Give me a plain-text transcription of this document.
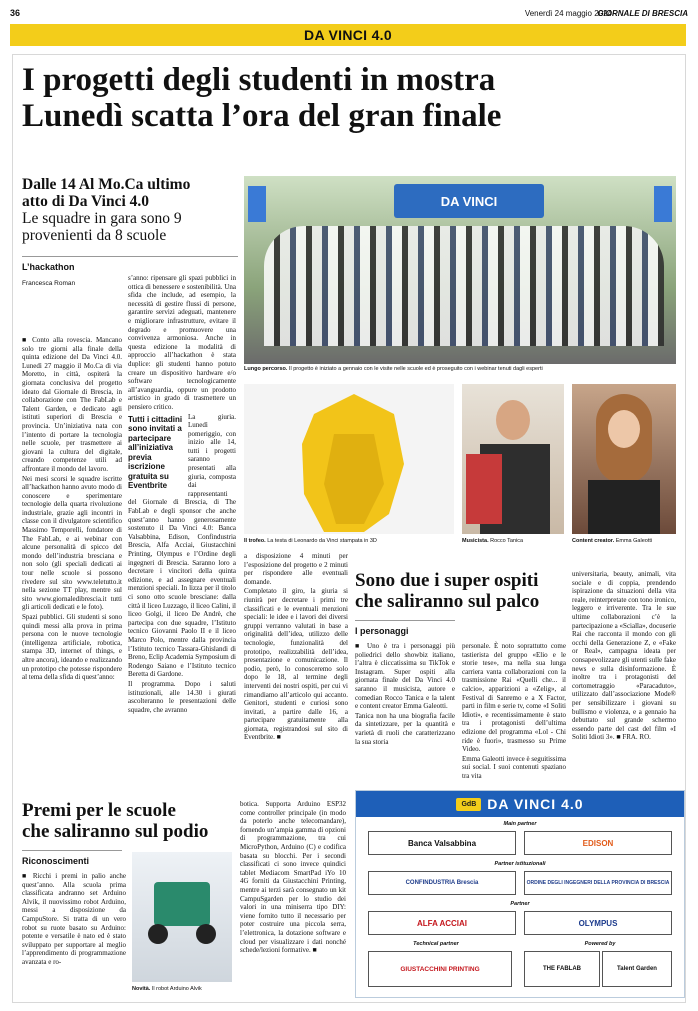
36	Venerdì 24 maggio 2024
GIORNALE DI BRESCIA
DA VINCI 4.0
I progetti degli studenti in mostra
Lunedì scatta l’ora del gran finale
Dalle 14 Al Mo.Ca ultimo
atto di Da Vinci 4.0
Le squadre in gara sono 9
provenienti da 8 scuole
L’hackathon
Francesca Roman

■ Conto alla rovescia. Mancano solo tre giorni alla finale della quinta edizione del Da Vinci 4.0. Lunedì 27 maggio il Mo.Ca di via Moretto, in città, ospiterà la giornata conclusiva del progetto ideato dal Giornale di Brescia, in collaborazione con The FabLab e Talent Garden, e dedicato agli istituti superiori di Brescia e provincia. Un’iniziativa nata con l’intento di portare la tecnologia nelle scuole, per trasmettere ai giovani la cultura del digitale, creando competenze utili ad affrontare il mondo del lavoro.

Nei mesi scorsi le squadre iscritte all’hackathon hanno avuto modo di conoscere e sperimentare tecnologie della quarta rivoluzione industriale, grazie agli incontri in classe con il divulgatore scientifico Massimo Temporelli, fondatore di The FabLab, e ai webinar con alcune personalità di spicco del mondo dell’industria bresciana e non solo (gli speciali dedicati ai tour nelle scuole si possono rivedere sul sito www.teletutto.it nella sezione TT play, mentre sul sito www.giornaledibrescia.it tutti gli articoli dedicati e le foto).

Spazi pubblici. Gli studenti si sono quindi messi alla prova in prima persona con le nuove tecnologie (intelligenza artificiale, robotica, stampa 3D, internet of things, e altre ancora), ideando e realizzando un prototipo che potesse rispondere al tema della sfida di quest’anno:

s’anno: ripensare gli spazi pubblici in ottica di benessere e sostenibilità. Una sfida che include, ad esempio, la necessità di gestire flussi di persone, garantire servizi adeguati, mantenere e migliorare infrastrutture, evitare il degrado e promuovere una convivenza armoniosa. Anche in questa edizione la modalità di approccio all’hackathon è stata duplice: gli studenti hanno potuto creare un dispositivo hardware e/o software tecnologicamente all’avanguardia, oppure un prodotto artistico in grado di trasmettere un pensiero critico.

Tutti i cittadini sono invitati a partecipare all’iniziativa previa iscrizione gratuita su Eventbrite

La giuria. Lunedì pomeriggio, con inizio alle 14, tutti i progetti saranno presentati alla giuria, composta dai rappresentanti del Giornale di Brescia, di The FabLab e degli sponsor che anche quest’anno hanno generosamente sostenuto il Da Vinci 4.0: Banca Valsabbina, Edison, Confindustria Brescia, Alfa Acciai, Giustacchini Printing, Olympus e l’Ordine degli ingegneri di Brescia. Saranno loro a decretare i vincitori della quinta edizione, e ad assegnare eventuali menzioni speciali. In lizza per il titolo ci sono otto scuole bresciane: dalla città il liceo Luzzago, il liceo Calini, il liceo Golgi, il liceo De Andrè, che partecipa con due squadre, l’Istituto tecnico Giovanni Paolo II e il liceo Marco Polo, mentre dalla provincia l’Istituto tecnico Tassara-Ghislandi di Breno, Eclip Academia Symposium di Rodengo Saiano e l’Istituto tecnico Beretta di Gardone.

Il programma. Dopo i saluti istituzionali, alle 14.30 i giurati ascolteranno le presentazioni delle squadre, che avranno

a disposizione 4 minuti per l’esposizione del progetto e 2 minuti per rispondere alle eventuali domande.

Completato il giro, la giuria si riunirà per decretare i primi tre classificati e le eventuali menzioni speciali: le idee e i lavori dei diversi gruppi verranno valutati in base a originalità dell’idea, utilizzo delle tecnologie, funzionalità del prototipo, realizzabilità dell’idea, presentazione e comunicazione. Il podio, però, lo conosceremo solo dopo le 18, al termine degli interventi dei nostri ospiti, per cui vi rimandiamo all’articolo qui accanto. Genitori, studenti e curiosi sono invitati, a partire dalle 16, a partecipare gratuitamente alla giornata, registrandosi sul sito di Eventbrite. ■

DA VINCI
Lungo percorso. Il progetto è iniziato a gennaio con le visite nelle scuole ed è proseguito con i webinar tenuti dagli esperti
Il trofeo. La testa di Leonardo da Vinci stampata in 3D	Musicista. Rocco Tanica	Content creator. Emma Galeotti
Sono due i super ospiti
che saliranno sul palco
I personaggi

■ Uno è tra i personaggi più poliedrici dello showbiz italiano, l’altra è cliccatissima su TikTok e Instagram. Super ospiti alla giornata finale del Da Vinci 4.0 saranno il musicista, autore e comedian Rocco Tanica e la talent e content creator Emma Galeotti.

Tanica non ha una biografia facile da sintetizzare, per la quantità e varietà di ruoli che caratterizzano la sua storia

personale. È noto soprattutto come tastierista del gruppo «Elio e le storie tese», ma nella sua lunga carriera vanta collaborazioni con la trasmissione Rai «Quelli che... il calcio», apparizioni a «Zelig», al Festival di Sanremo e a X Factor, parti in film e serie tv, come «I Soliti Idioti», e recentissimamente è stato tra i protagonisti dell’ultima edizione del programma «Lol - Chi ride è fuori», trasmesso su Prime Video.

Emma Galeotti invece è seguitissima sui social. I suoi contenuti spaziano tra vita

universitaria, beauty, animali, vita sociale e di coppia, prendendo ispirazione da situazioni della vita reale, reinterpretate con tono ironico, leggero e irriverente. Tra le sue ultime collaborazioni c’è la partecipazione a «Scialla», docuserie Rai che racconta il mondo con gli occhi della Generazione Z, e «Fake or Real», campagna ideata per consapevolizzare gli utenti sulle fake news e sulla disinformazione. È inoltre tra i protagonisti del cortometraggio «Paracaduto», utilizzato dall’associazione Mode® per sensibilizzare i giovani su bullismo e violenza, e a gennaio ha debuttato sul grande schermo essendo parte del cast del film «I Soliti Idioti 3». ■ FRA. RO.

Premi per le scuole
che saliranno sul podio
Riconoscimenti

■ Ricchi i premi in palio anche quest’anno. Alla scuola prima classificata andranno set Arduino Alvik, il nuovissimo robot Arduino, messi a disposizione da CampuStore. Si tratta di un vero robot su ruote basato su Arduino: potente e versatile è nato ed è stato sviluppato per supportare al meglio l’apprendimento di programmazione avanzata e ro-

Novità. Il robot Arduino Alvik

botica. Supporta Arduino ESP32 come controller principale (in modo da poterlo anche telecomandare), fornendo un’ampia gamma di opzioni di programmazione, tra cui MicroPython, Arduino (C) e codifica basata su blocchi. Per i secondi classificati ci sono invece quindici tablet Mediacom SmartPad iYo 10 4G forniti da Giustacchini Printing, mentre ai terzi sarà consegnato un kit CampuSgarden per lo studio dei valori in una miniserra tipo DIY: viene fornito tutto il necessario per poter costruire una piccola serra, l’elettronica, la dotazione software e cloud per visualizzare i dati nonché schede/lezioni formative. ■

GdB DA VINCI 4.0
Main partner
Banca Valsabbina	EDISON
Partner istituzionali
CONFINDUSTRIA Brescia	ORDINE DEGLI INGEGNERI DELLA PROVINCIA DI BRESCIA
Partner
ALFA ACCIAI	OLYMPUS
Technical partner
GIUSTACCHINI PRINTING
Powered by
THE FABLAB	Talent Garden
